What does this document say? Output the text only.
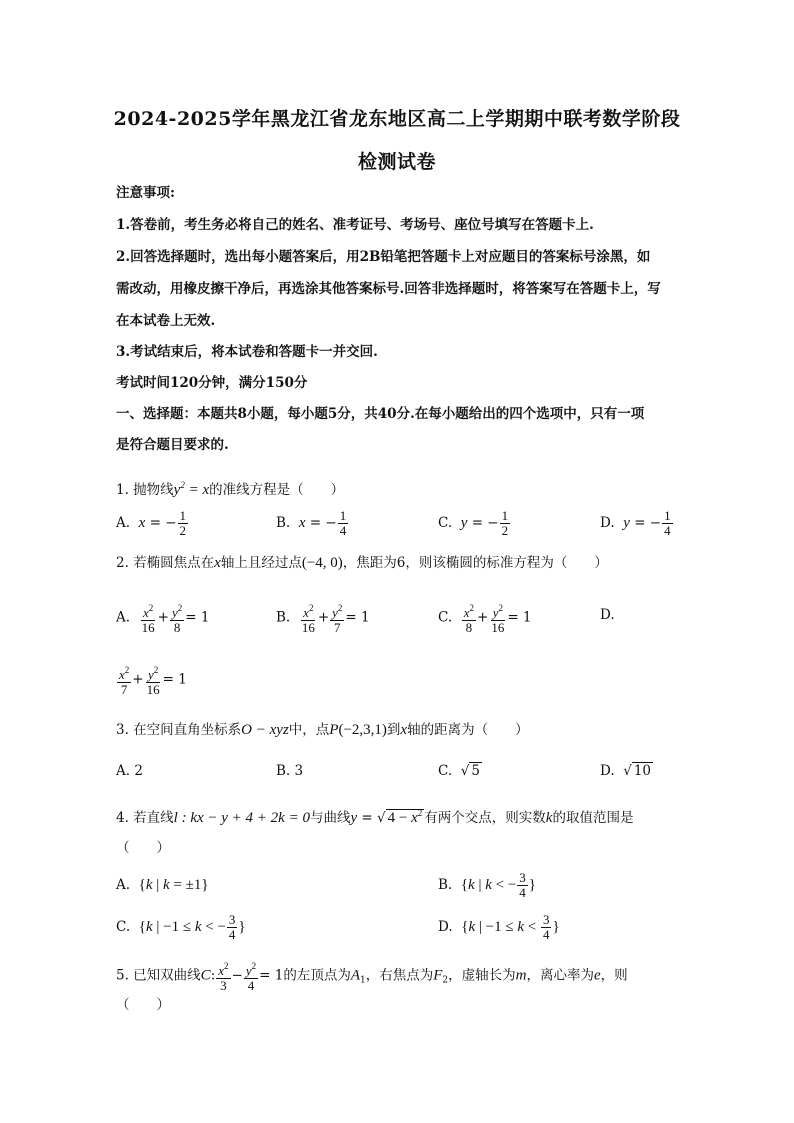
2024-2025学年黑龙江省龙东地区高二上学期期中联考数学阶段
检测试卷
注意事项:
1.答卷前，考生务必将自己的姓名、准考证号、考场号、座位号填写在答题卡上.
2.回答选择题时，选出每小题答案后，用2B铅笔把答题卡上对应题目的答案标号涂黑，如
需改动，用橡皮擦干净后，再选涂其他答案标号.回答非选择题时，将答案写在答题卡上，写
在本试卷上无效.
3.考试结束后，将本试卷和答题卡一并交回.
考试时间120分钟，满分150分
一、选择题：本题共8小题，每小题5分，共40分.在每小题给出的四个选项中，只有一项
是符合题目要求的.
1. 抛物线$y^2 = x$的准线方程是（　　）
A. x = − $\frac{1}{2}$	B. x = − $\frac{1}{4}$	C. y = − $\frac{1}{2}$	D. y = − $\frac{1}{4}$
2. 若椭圆焦点在x轴上且经过点(−4, 0)，焦距为6，则该椭圆的标准方程为（　　）
A. $\frac{x^2}{16} + \frac{y^2}{8} = 1$	B. $\frac{x^2}{16} + \frac{y^2}{7} = 1$	C. $\frac{x^2}{8} + \frac{y^2}{16} = 1$	D.
$\frac{x^2}{7} + \frac{y^2}{16} = 1$
3. 在空间直角坐标系O − xyz中，点P(−2,3,1)到x轴的距离为（　　）
A. 2	B. 3	C.  √ 5	D.  √ 10
4. 若直线l : kx − y + 4 + 2k = 0与曲线y = √ $4 - x^2$ 有两个交点，则实数k的取值范围是
（　　）
A. {k | k = ±1}	B. {k | k < − $\frac{3}{4}$ }
C. {k | −1 ≤ k < − $\frac{3}{4}$ }	D. {k | $-1 \le k < \frac{3}{4}$ }
5. 已知双曲线C: $\frac{x^2}{3} - \frac{y^2}{4} = 1$的左顶点为$A_1$，右焦点为$F_2$，虚轴长为m，离心率为e，则
（　　）
